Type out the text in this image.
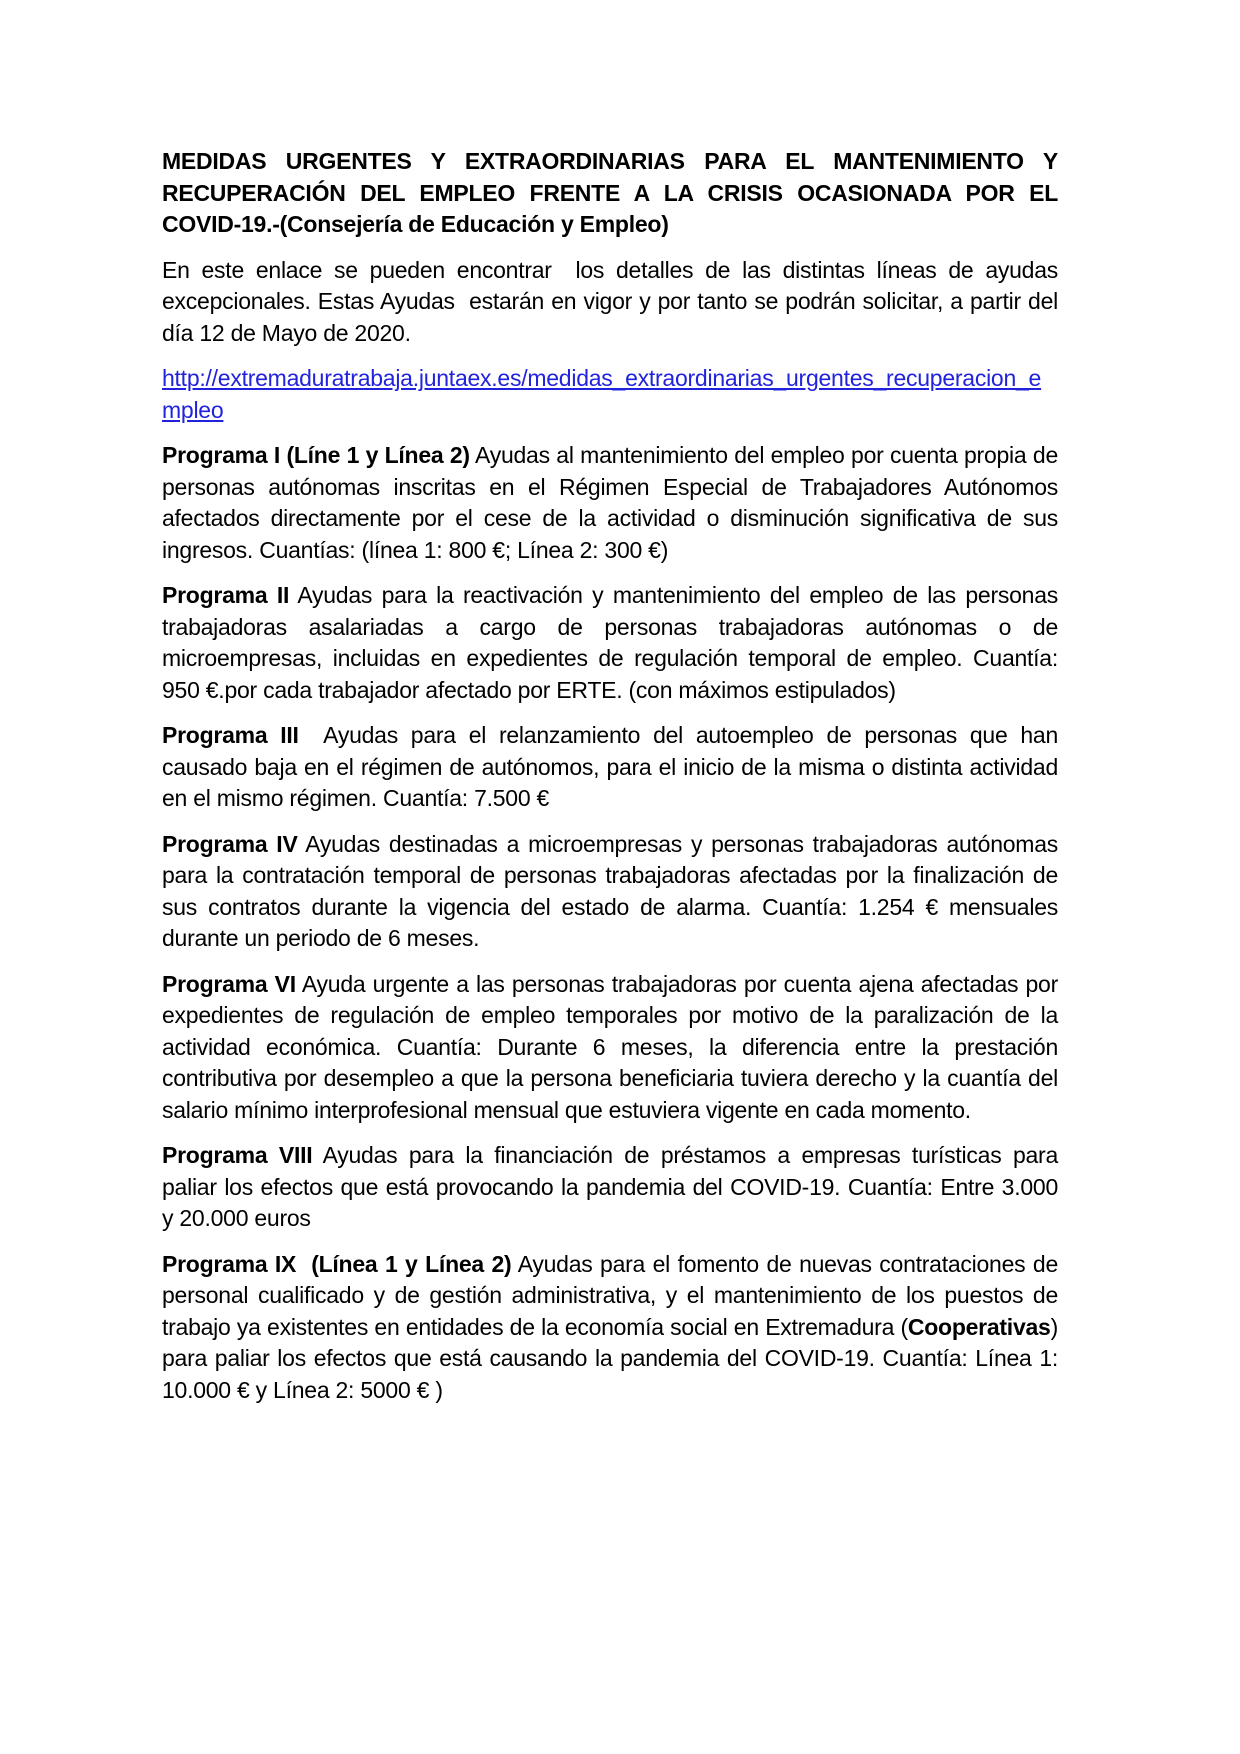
MEDIDAS URGENTES Y EXTRAORDINARIAS PARA EL MANTENIMIENTO Y RECUPERACIÓN DEL EMPLEO FRENTE A LA CRISIS OCASIONADA POR EL COVID-19.-(Consejería de Educación y Empleo)

En este enlace se pueden encontrar  los detalles de las distintas líneas de ayudas excepcionales. Estas Ayudas  estarán en vigor y por tanto se podrán solicitar, a partir del día 12 de Mayo de 2020.

http://extremaduratrabaja.juntaex.es/medidas_extraordinarias_urgentes_recuperacion_empleo

Programa I (Líne 1 y Línea 2) Ayudas al mantenimiento del empleo por cuenta propia de personas autónomas inscritas en el Régimen Especial de Trabajadores Autónomos afectados directamente por el cese de la actividad o disminución significativa de sus ingresos. Cuantías: (línea 1: 800 €; Línea 2: 300 €)

Programa II Ayudas para la reactivación y mantenimiento del empleo de las personas trabajadoras asalariadas a cargo de personas trabajadoras autónomas o de microempresas, incluidas en expedientes de regulación temporal de empleo. Cuantía: 950 €.por cada trabajador afectado por ERTE. (con máximos estipulados)

Programa III  Ayudas para el relanzamiento del autoempleo de personas que han causado baja en el régimen de autónomos, para el inicio de la misma o distinta actividad en el mismo régimen. Cuantía: 7.500 €

Programa IV Ayudas destinadas a microempresas y personas trabajadoras autónomas para la contratación temporal de personas trabajadoras afectadas por la finalización de sus contratos durante la vigencia del estado de alarma. Cuantía: 1.254 € mensuales durante un periodo de 6 meses.

Programa VI Ayuda urgente a las personas trabajadoras por cuenta ajena afectadas por expedientes de regulación de empleo temporales por motivo de la paralización de la actividad económica. Cuantía: Durante 6 meses, la diferencia entre la prestación contributiva por desempleo a que la persona beneficiaria tuviera derecho y la cuantía del salario mínimo interprofesional mensual que estuviera vigente en cada momento.

Programa VIII Ayudas para la financiación de préstamos a empresas turísticas para paliar los efectos que está provocando la pandemia del COVID-19. Cuantía: Entre 3.000 y 20.000 euros

Programa IX  (Línea 1 y Línea 2) Ayudas para el fomento de nuevas contrataciones de personal cualificado y de gestión administrativa, y el mantenimiento de los puestos de trabajo ya existentes en entidades de la economía social en Extremadura (Cooperativas) para paliar los efectos que está causando la pandemia del COVID-19. Cuantía: Línea 1: 10.000 € y Línea 2: 5000 € )
